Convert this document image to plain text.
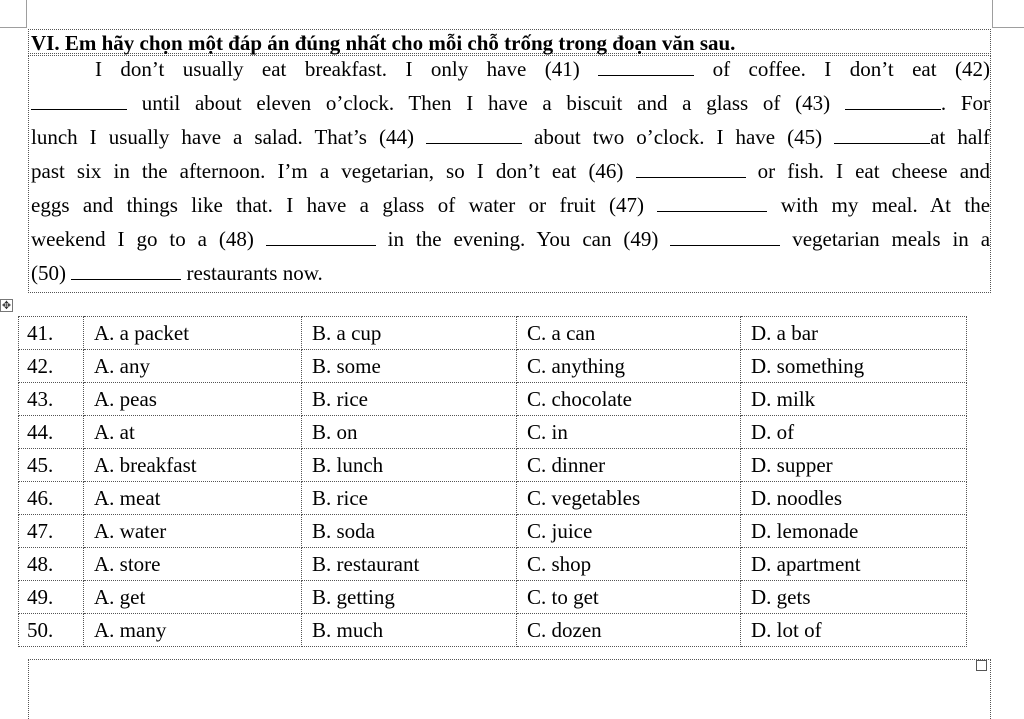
VI. Em hãy chọn một đáp án đúng nhất cho mỗi chỗ trống trong đoạn văn sau.
I don’t usually eat breakfast. I only have (41)	of coffee. I don’t eat (42)
until about eleven o’clock. Then I have a biscuit and a glass of (43)	. For
lunch I usually have a salad. That’s (44)	about two o’clock. I have (45)	at half
past six in the afternoon. I’m a vegetarian, so I don’t eat (46)	or fish. I eat cheese and
eggs and things like that. I have a glass of water or fruit (47)	with my meal. At the
weekend I go to a (48)	in the evening. You can (49)	vegetarian meals in a
(50)	restaurants now.
✥
41.	A. a packet	B. a cup	C. a can	D. a bar
42.	A. any	B. some	C. anything	D. something
43.	A. peas	B. rice	C. chocolate	D. milk
44.	A. at	B. on	C. in	D. of
45.	A. breakfast	B. lunch	C. dinner	D. supper
46.	A. meat	B. rice	C. vegetables	D. noodles
47.	A. water	B. soda	C. juice	D. lemonade
48.	A. store	B. restaurant	C. shop	D. apartment
49.	A. get	B. getting	C. to get	D. gets
50.	A. many	B. much	C. dozen	D. lot of
